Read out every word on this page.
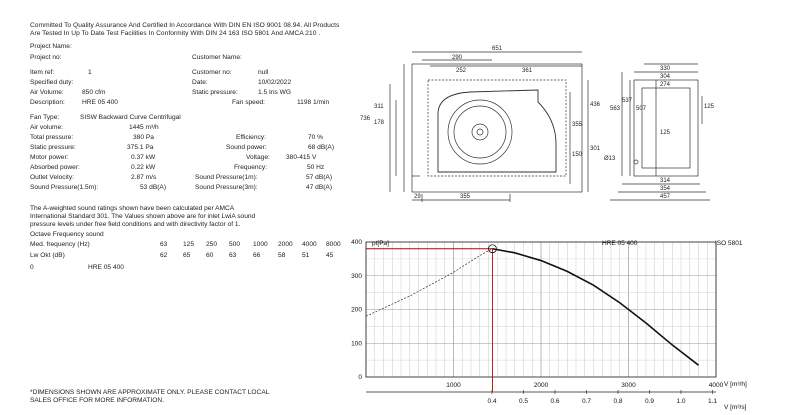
Committed To Quality Assurance And Certified In Accordance With DIN EN ISO 9001 08.94. All Products
Are Tested In Up To Date Test Facilities In Conformity With DIN 24 163 ISO 5801 And AMCA 210 .
Project Name:
Project no:	Customer Name:
Item ref:	1	Customer no:	null
Specified duty:	Date:	10/02/2022
Air Volume:	850 cfm	Static pressure:	1.5 Ins WG
Description:	HRE 05 400	Fan speed:	1198 1/min
Fan Type:	SISW Backward Curve Centrifugal
Air volume:	1445 m³/h
Total pressure:	380 Pa	Efficiency:	70 %
Static pressure:	375.1 Pa	Sound power:	68 dB(A)
Motor power:	0.37 kW	Voltage: 380-415 V
Absorbed power:	0.22 kW	Frequency:	50 Hz
Outlet Velocity:	2.87 m/s	Sound Pressure(1m):	57 dB(A)
Sound Pressure(1.5m):	53 dB(A)	Sound Pressure(3m):	47 dB(A)
The A-weighted sound ratings shown have been calculated per AMCA
International Standard 301. The Values shown above are for inlet LwiA sound
pressure levels under free field conditions and with directivity factor of 1.
Octave Frequency sound
Med. frequency (Hz)	63 125 250 500 1000 2000 4000 8000
Lw Okt (dB)	62 65 60 63	66	58	51	45
0	HRE 05 400
*DIMENSIONS SHOWN ARE APPROXIMATE ONLY. PLEASE CONTACT LOCAL
SALES OFFICE FOR MORE INFORMATION.
651
290
252	361
311
178
736
355
436
150
301
29	355
330
304
274
537
563	507	125
125
Ø13
314
354
457
0
100
200
300
400
1000	2000	3000	4000
0.4	0.5	0.6	0.7	0.8	0.9	1.0	1.1
pt[Pa]	HRE 05 400	ISO 5801
V [m³/h]
V [m³/s]
